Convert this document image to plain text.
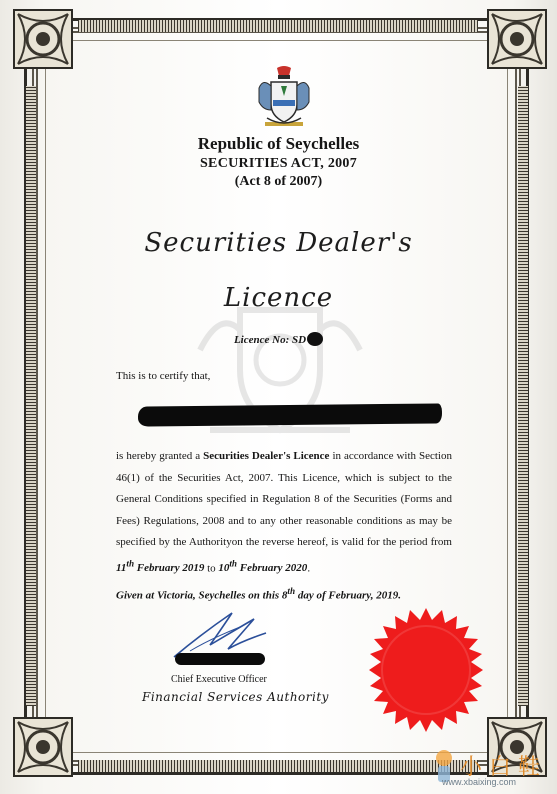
Republic of Seychelles
SECURITIES ACT, 2007
(Act 8 of 2007)
Securities Dealer's
Licence
Licence No: SD
This is to certify that,

is hereby granted a Securities Dealer's Licence in accordance with Section 46(1) of the Securities Act, 2007. This Licence, which is subject to the General Conditions specified in Regulation 8 of the Securities (Forms and Fees) Regulations, 2008 and to any other reasonable conditions as may be specified by the Authorityon the reverse hereof, is valid for the period from 11th February 2019 to 10th February 2020.

Given at Victoria, Seychelles on this 8th day of February, 2019.
Chief Executive Officer
Financial Services Authority
小 白 鞋
www.xbaixing.com
